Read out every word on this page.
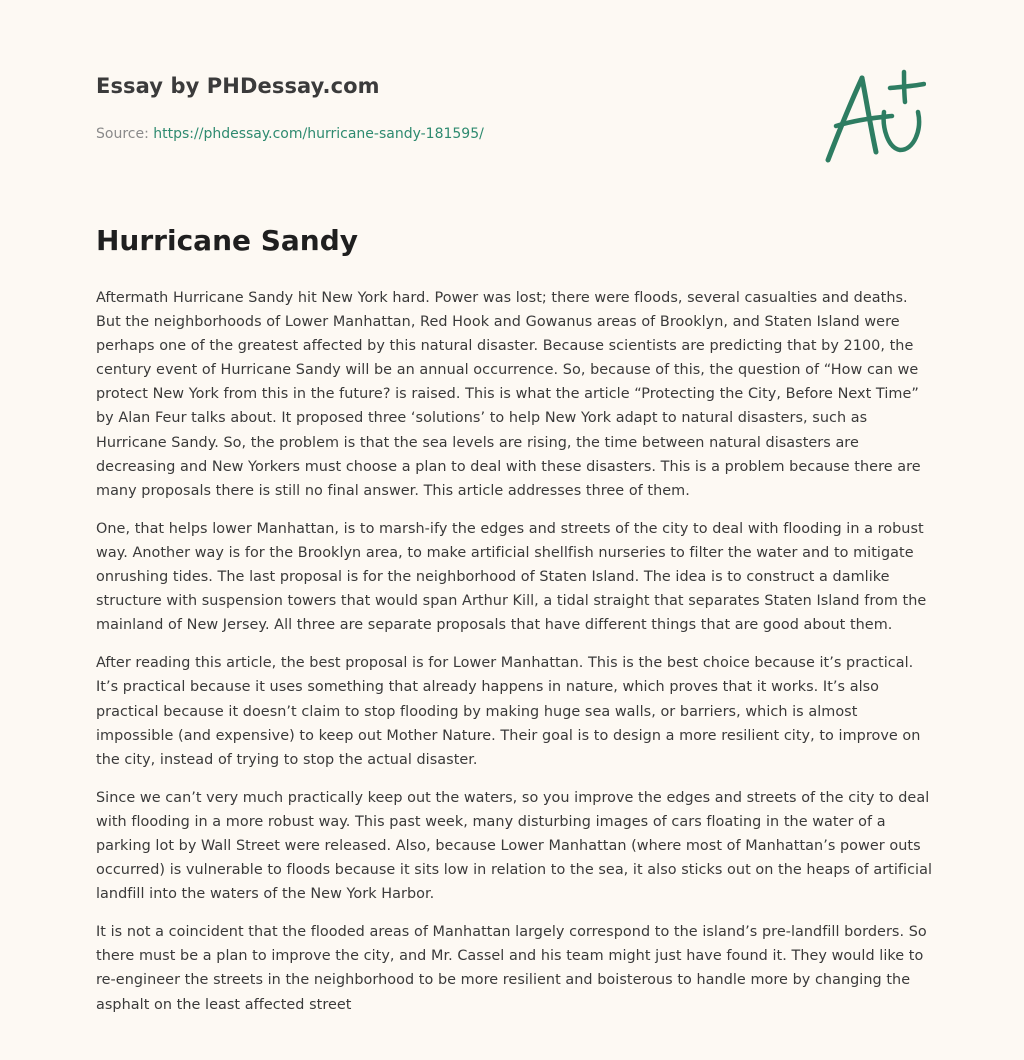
Essay by PHDessay.com
Source: https://phdessay.com/hurricane-sandy-181595/
Hurricane Sandy

Aftermath Hurricane Sandy hit New York hard. Power was lost; there were floods, several casualties and deaths. But the neighborhoods of Lower Manhattan, Red Hook and Gowanus areas of Brooklyn, and Staten Island were perhaps one of the greatest affected by this natural disaster. Because scientists are predicting that by 2100, the century event of Hurricane Sandy will be an annual occurrence. So, because of this, the question of “How can we protect New York from this in the future? is raised. This is what the article “Protecting the City, Before Next Time” by Alan Feur talks about. It proposed three ‘solutions’ to help New York adapt to natural disasters, such as Hurricane Sandy. So, the problem is that the sea levels are rising, the time between natural disasters are decreasing and New Yorkers must choose a plan to deal with these disasters. This is a problem because there are many proposals there is still no final answer. This article addresses three of them.

One, that helps lower Manhattan, is to marsh-ify the edges and streets of the city to deal with flooding in a robust way. Another way is for the Brooklyn area, to make artificial shellfish nurseries to filter the water and to mitigate onrushing tides. The last proposal is for the neighborhood of Staten Island. The idea is to construct a damlike structure with suspension towers that would span Arthur Kill, a tidal straight that separates Staten Island from the mainland of New Jersey. All three are separate proposals that have different things that are good about them.

After reading this article, the best proposal is for Lower Manhattan. This is the best choice because it’s practical. It’s practical because it uses something that already happens in nature, which proves that it works. It’s also practical because it doesn’t claim to stop flooding by making huge sea walls, or barriers, which is almost impossible (and expensive) to keep out Mother Nature. Their goal is to design a more resilient city, to improve on the city, instead of trying to stop the actual disaster.

Since we can’t very much practically keep out the waters, so you improve the edges and streets of the city to deal with flooding in a more robust way. This past week, many disturbing images of cars floating in the water of a parking lot by Wall Street were released. Also, because Lower Manhattan (where most of Manhattan’s power outs occurred) is vulnerable to floods because it sits low in relation to the sea, it also sticks out on the heaps of artificial landfill into the waters of the New York Harbor.

It is not a coincident that the flooded areas of Manhattan largely correspond to the island’s pre-landfill borders. So there must be a plan to improve the city, and Mr. Cassel and his team might just have found it. They would like to re-engineer the streets in the neighborhood to be more resilient and boisterous to handle more by changing the asphalt on the least affected street
